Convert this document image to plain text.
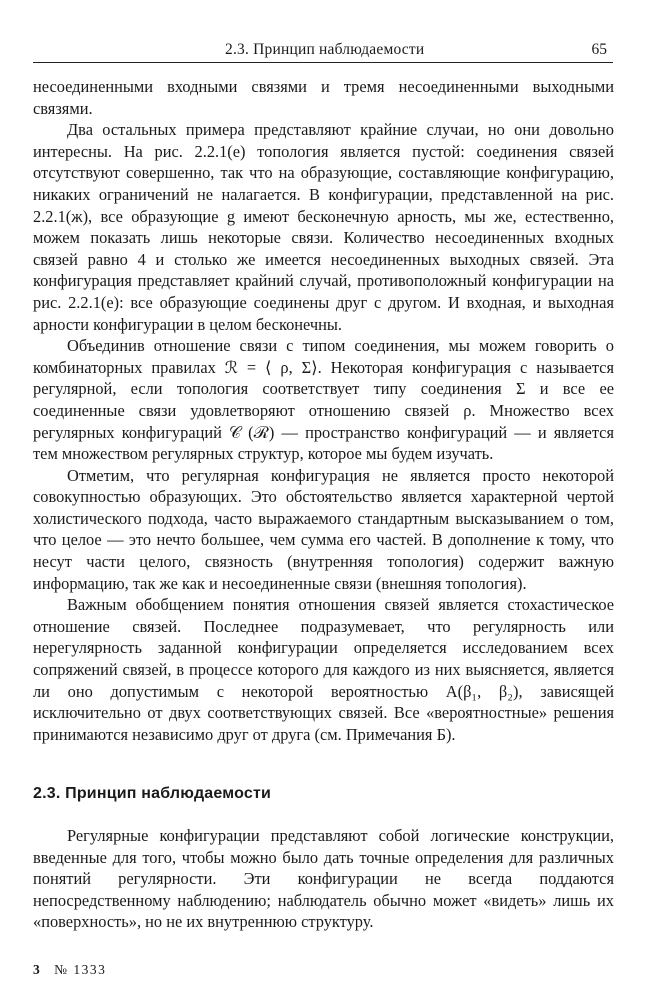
2.3. Принцип наблюдаемости	65

несоединенными входными связями и тремя несоединенными выходными связями.

Два остальных примера представляют крайние случаи, но они довольно интересны. На рис. 2.2.1(е) топология является пустой: соединения связей отсутствуют совершенно, так что на образующие, составляющие конфигурацию, никаких ограничений не налагается. В конфигурации, представленной на рис. 2.2.1(ж), все образующие g имеют бесконечную арность, мы же, естественно, можем показать лишь некоторые связи. Количество несоединенных входных связей равно 4 и столько же имеется несоединенных выходных связей. Эта конфигурация представляет крайний случай, противоположный конфигурации на рис. 2.2.1(е): все образующие соединены друг с другом. И входная, и выходная арности конфигурации в целом бесконечны.

Объединив отношение связи с типом соединения, мы можем говорить о комбинаторных правилах ℛ = ⟨ ρ, Σ⟩. Некоторая конфигурация c называется регулярной, если топология соответствует типу соединения Σ и все ее соединенные связи удовлетворяют отношению связей ρ. Множество всех регулярных конфигураций 𝒞 (ℛ) — пространство конфигураций — и является тем множеством регулярных структур, которое мы будем изучать.

Отметим, что регулярная конфигурация не является просто некоторой совокупностью образующих. Это обстоятельство является характерной чертой холистического подхода, часто выражаемого стандартным высказыванием о том, что целое — это нечто большее, чем сумма его частей. В дополнение к тому, что несут части целого, связность (внутренняя топология) содержит важную информацию, так же как и несоединенные связи (внешняя топология).

Важным обобщением понятия отношения связей является стохастическое отношение связей. Последнее подразумевает, что регулярность или нерегулярность заданной конфигурации определяется исследованием всех сопряжений связей, в процессе которого для каждого из них выясняется, является ли оно допустимым с некоторой вероятностью A(β₁, β₂), зависящей исключительно от двух соответствующих связей. Все «вероятностные» решения принимаются независимо друг от друга (см. Примечания Б).

2.3. Принцип наблюдаемости

Регулярные конфигурации представляют собой логические конструкции, введенные для того, чтобы можно было дать точные определения для различных понятий регулярности. Эти конфигурации не всегда поддаются непосредственному наблюдению; наблюдатель обычно может «видеть» лишь их «поверхность», но не их внутреннюю структуру.

3 № 1333
